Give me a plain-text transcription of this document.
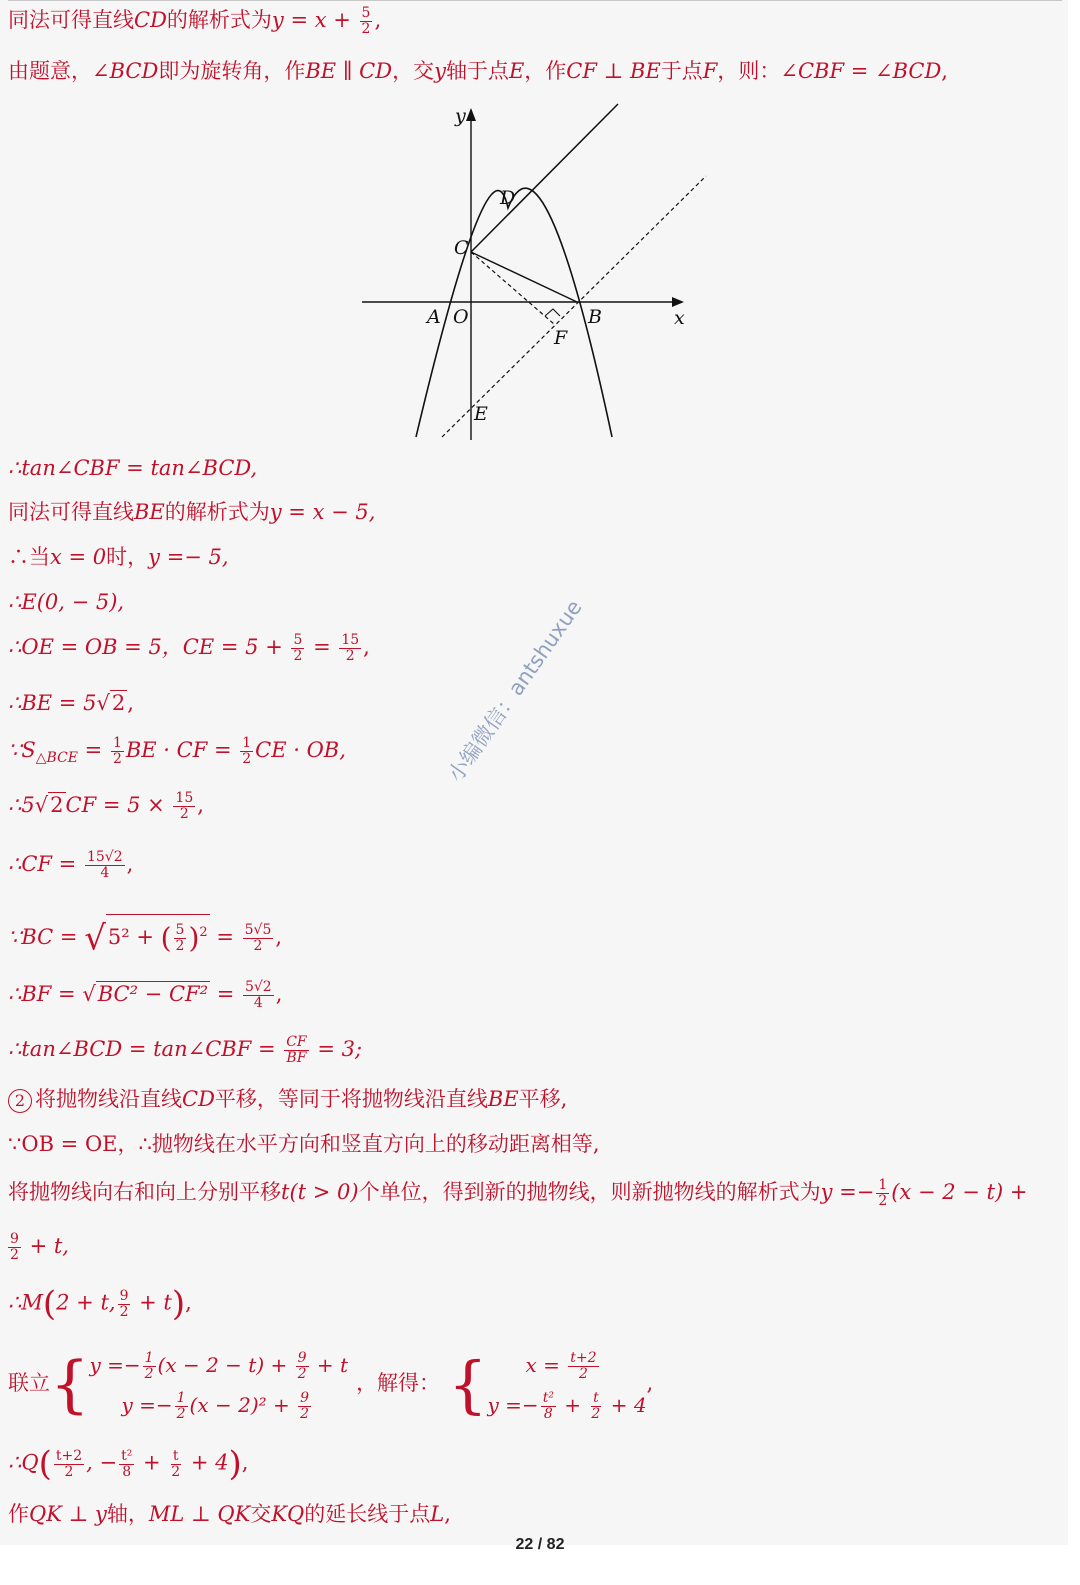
同法可得直线CD的解析式为$y = x + \frac{5}{2}$ ,
由题意，∠BCD即为旋转角，作BE ∥ CD，交y轴于点E，作CF ⊥ BE于点F，则：∠CBF = ∠BCD,
y
x
D
C
A O	B
F
E
∴tan∠CBF = tan∠BCD,
同法可得直线BE的解析式为y = x − 5,
∴当x = 0时，y =− 5,
∴E(0, − 5),
∴OE = OB = 5，CE = $5 + \frac{5}{2} = \frac{15}{2}$ ,
∴BE = 5√2,
$\because S_{\triangle BCE} = \frac{1}{2}$ BE · CF = $\frac{1}{2}$ CE · OB,
∴5√2CF = $5 \times \frac{15}{2}$ ,
∴CF = $\frac{15√2}{4}$ ,
∵BC = √5² + ( $\frac{5}{2} )^2 = \frac{5√5}{2}$ ,
∴BF = $√BC^2 - CF^2 = \frac{5√2}{4}$ ,
∴tan∠BCD = tan∠CBF = $\frac{CF}{BF} = 3$;
2 将抛物线沿直线CD平移，等同于将抛物线沿直线BE平移,
∵OB = OE，∴抛物线在水平方向和竖直方向上的移动距离相等,
将抛物线向右和向上分别平移t(t > 0)个单位，得到新的抛物线，则新抛物线的解析式为$y =- \frac{1}{2} (x - 2 - t)$ +
$\frac{9}{2} + t$,
∴M(2 + t, $\frac{9}{2} + t$),
联立{ $y =- \frac{1}{2} (x - 2 - t) + \frac{9}{2} + t$
$y =- \frac{1}{2} (x - 2)^2 + \frac{9}{2}$
，解得： {	$x = \frac{t+2}{2}$
$y =- \frac{\text{t²}}{8} + \frac{t}{2} + 4$
,
∴Q( $\frac{t+2}{2}$ , − $\frac{\text{t²}}{8} + \frac{t}{2} + 4$),
作QK ⊥ y轴，ML ⊥ QK交KQ的延长线于点L,
小编微信：antshuxue
22 / 82
